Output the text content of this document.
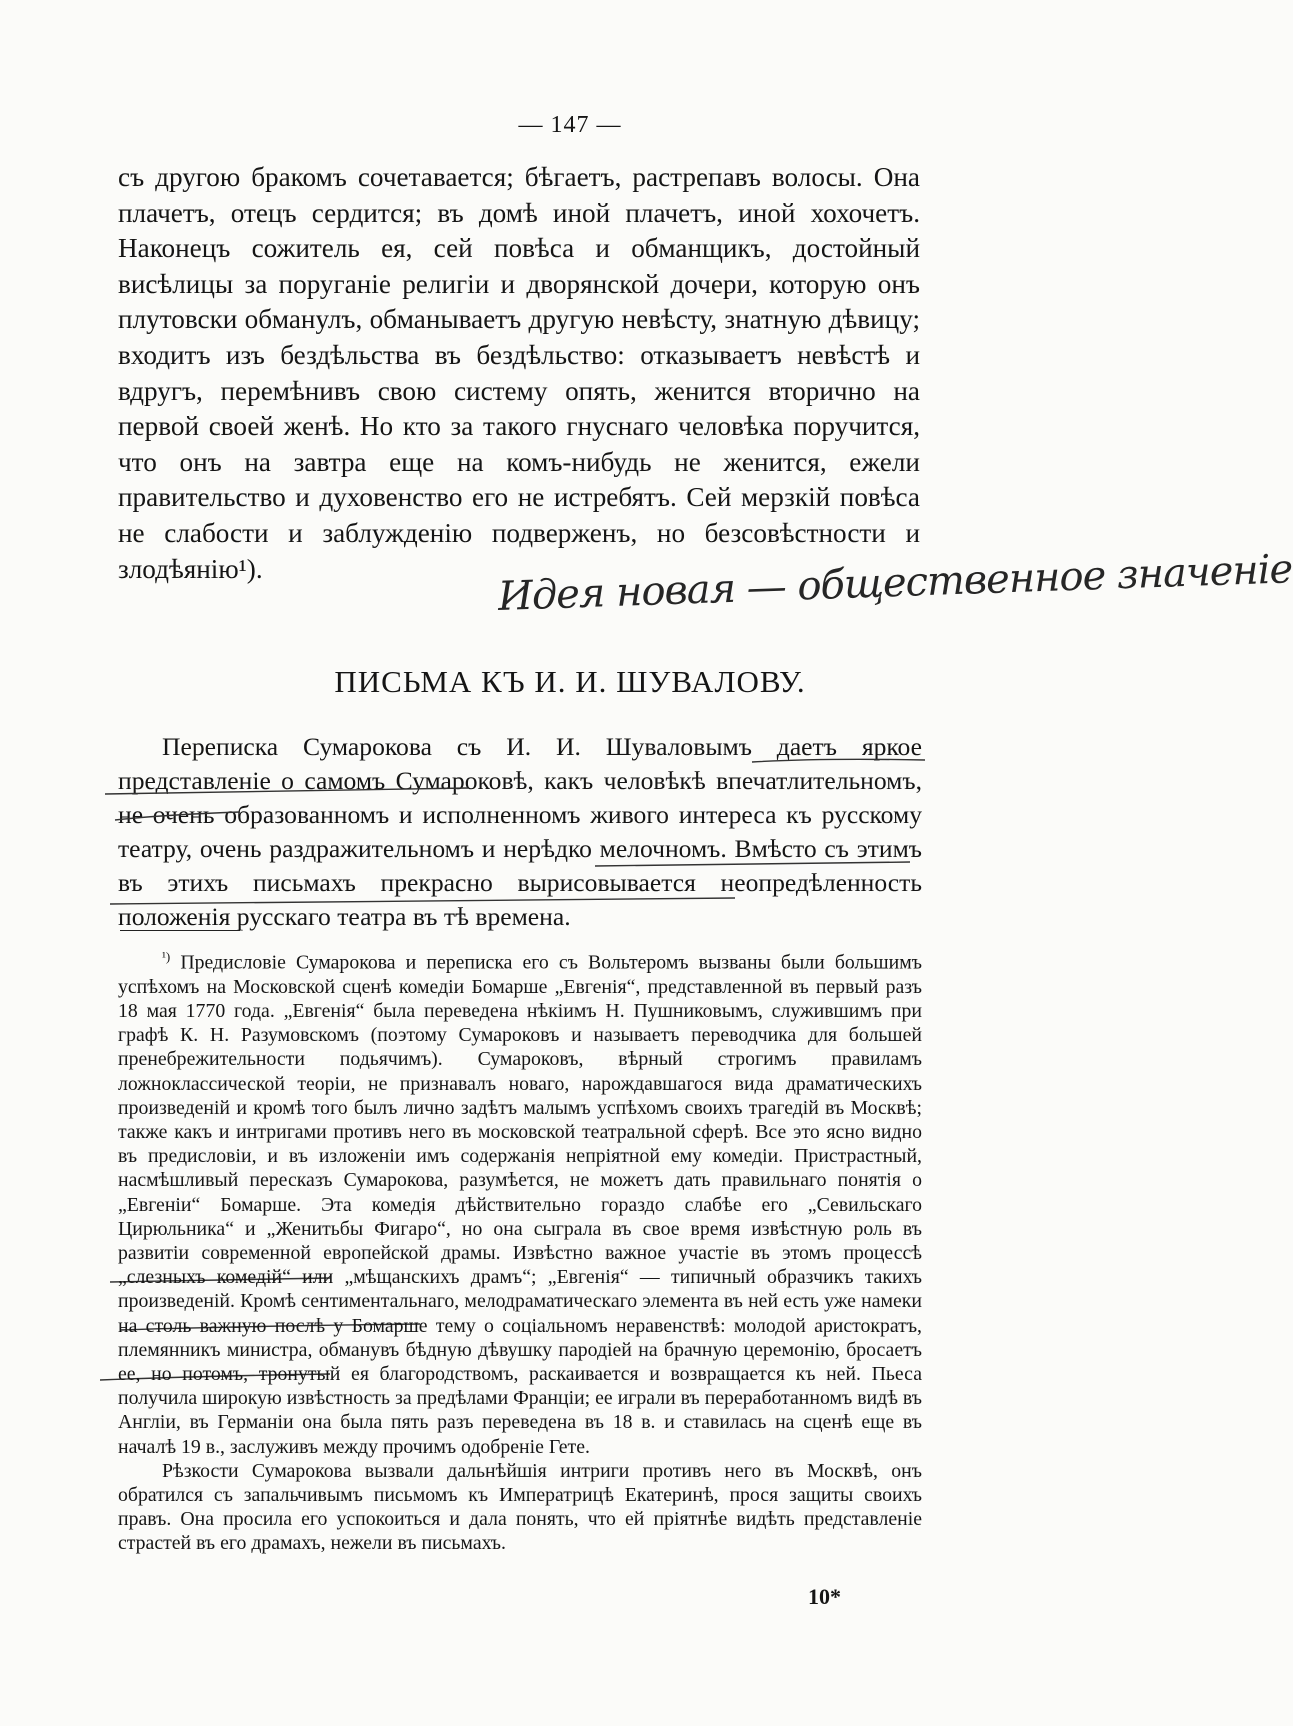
— 147 —

съ другою бракомъ сочетавается; бѣгаетъ, растрепавъ волосы. Она плачетъ, отецъ сердится; въ домѣ иной плачетъ, иной хохочетъ. Наконецъ сожитель ея, сей повѣса и обманщикъ, достойный висѣлицы за поруганіе религіи и дворянской дочери, которую онъ плутовски обманулъ, обманываетъ другую невѣсту, знатную дѣвицу; входитъ изъ бездѣльства въ бездѣльство: отказываетъ невѣстѣ и вдругъ, перемѣнивъ свою систему опять, женится вторично на первой своей женѣ. Но кто за такого гнуснаго человѣка поручится, что онъ на завтра еще на комъ-нибудь не женится, ежели правительство и духовенство его не истребятъ. Сей мерзкій повѣса не слабости и заблужденію подверженъ, но безсовѣстности и злодѣянію¹).	Идея новая — общественное значеніе
ПИСЬМА КЪ И. И. ШУВАЛОВУ.

Переписка Сумарокова съ И. И. Шуваловымъ даетъ яркое представленіе о самомъ Сумароковѣ, какъ человѣкѣ впечатлительномъ, не очень образованномъ и исполненномъ живого интереса къ русскому театру, очень раздражительномъ и нерѣдко мелочномъ. Вмѣсто съ этимъ въ этихъ письмахъ прекрасно вырисовывается неопредѣленность положенія русскаго театра въ тѣ времена.

$^{^1)}$ Предисловіе Сумарокова и переписка его съ Вольтеромъ вызваны были большимъ успѣхомъ на Московской сценѣ комедіи Бомарше „Евгенія“, представленной въ первый разъ 18 мая 1770 года. „Евгенія“ была переведена нѣкіимъ Н. Пушниковымъ, служившимъ при графѣ К. Н. Разумовскомъ (поэтому Сумароковъ и называетъ переводчика для большей пренебрежительности подьячимъ). Сумароковъ, вѣрный строгимъ правиламъ ложноклассической теоріи, не признавалъ новаго, нарождавшагося вида драматическихъ произведеній и кромѣ того былъ лично задѣтъ малымъ успѣхомъ своихъ трагедій въ Москвѣ; также какъ и интригами противъ него въ московской театральной сферѣ. Все это ясно видно въ предисловіи, и въ изложеніи имъ содержанія непріятной ему комедіи. Пристрастный, насмѣшливый пересказъ Сумарокова, разумѣется, не можетъ дать правильнаго понятія о „Евгеніи“ Бомарше. Эта комедія дѣйствительно гораздо слабѣе его „Севильскаго Цирюльника“ и „Женитьбы Фигаро“, но она сыграла въ свое время извѣстную роль въ развитіи современной европейской драмы. Извѣстно важное участіе въ этомъ процессѣ „слезныхъ комедій“ или „мѣщанскихъ драмъ“; „Евгенія“ — типичный образчикъ такихъ произведеній. Кромѣ сентиментальнаго, мелодраматическаго элемента въ ней есть уже намеки на столь важную послѣ у Бомарше тему о соціальномъ неравенствѣ: молодой аристократъ, племянникъ министра, обманувъ бѣдную дѣвушку пародіей на брачную церемонію, бросаетъ ее, но потомъ, тронутый ея благородствомъ, раскаивается и возвращается къ ней. Пьеса получила широкую извѣстность за предѣлами Франціи; ее играли въ переработанномъ видѣ въ Англіи, въ Германіи она была пять разъ переведена въ 18 в. и ставилась на сценѣ еще въ началѣ 19 в., заслуживъ между прочимъ одобреніе Гете.

Рѣзкости Сумарокова вызвали дальнѣйшія интриги противъ него въ Москвѣ, онъ обратился съ запальчивымъ письмомъ къ Императрицѣ Екатеринѣ, прося защиты своихъ правъ. Она просила его успокоиться и дала понять, что ей пріятнѣе видѣть представленіе страстей въ его драмахъ, нежели въ письмахъ.

10*
